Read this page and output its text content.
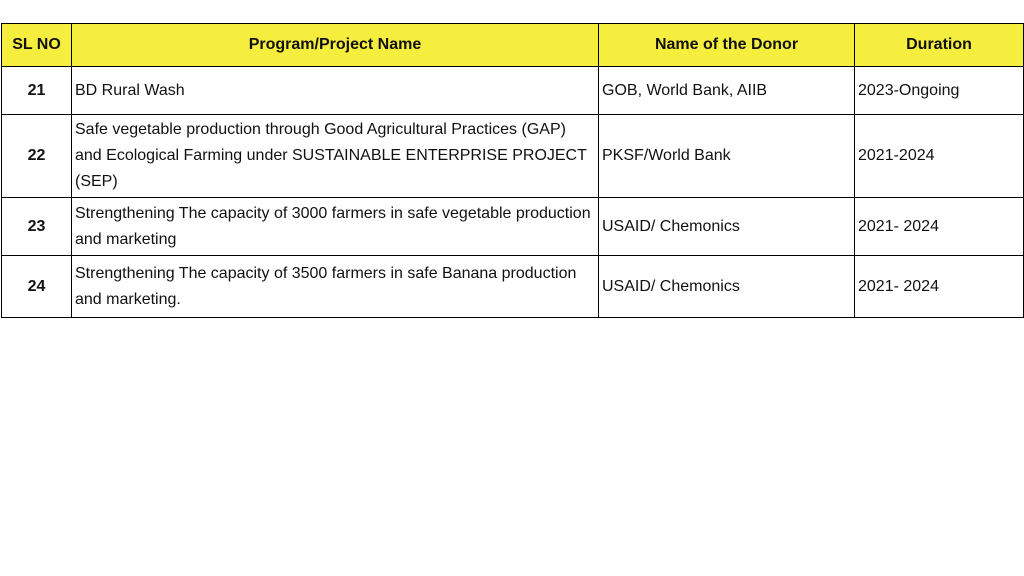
SL NO	Program/Project Name	Name of the Donor	Duration
21	BD Rural Wash	GOB, World Bank, AIIB	2023-Ongoing
22	Safe vegetable production through Good Agricultural Practices (GAP) and Ecological Farming under SUSTAINABLE ENTERPRISE PROJECT (SEP)	PKSF/World Bank	2021-2024
23	Strengthening The capacity of 3000 farmers in safe vegetable production and marketing	USAID/ Chemonics	2021- 2024
24	Strengthening The capacity of 3500 farmers in safe Banana production and marketing.	USAID/ Chemonics	2021- 2024
